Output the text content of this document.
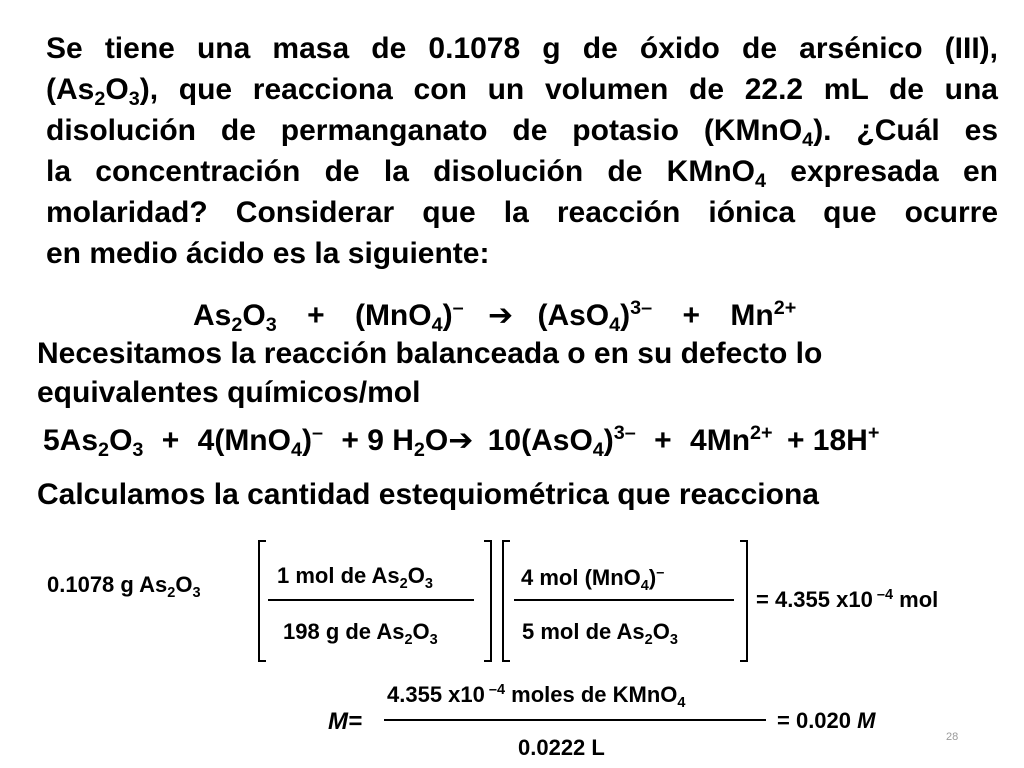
Se tiene una masa de 0.1078 g de óxido de arsénico (III),
$(As_2O_3)$, que reacciona con un volumen de 22.2 mL de una
disolución de permanganato de potasio (KMnO$_4$). ¿Cuál es
la concentración de la disolución de KMnO$_4$ expresada en
molaridad? Considerar que la reacción iónica que ocurre
en medio ácido es la siguiente:
$As_2O_3 + (MnO_4)^-$ ➔ $(AsO_4)^{3-} + Mn^{2+}$
Necesitamos la reacción balanceada o en su defecto lo
equivalentes químicos/mol
$5As_2O_3 + 4(MnO_4)^- + 9$ $H_2O➔$ $10(AsO_4)^{3-} + 4Mn^{2+} + 18H^+$
Calculamos la cantidad estequiométrica que reacciona
0.1078 g $As_2O_3$
1 mol de $As_2O_3$
198 g de $As_2O_3$
4 mol (MnO$_4$)–
5 mol de $As_2O_3$
= 4.355 x10 $^{-4}$ mol
M=
4.355 x10 $^{-4}$ moles de KMnO$_4$
0.0222 L
= 0.020 M
28
